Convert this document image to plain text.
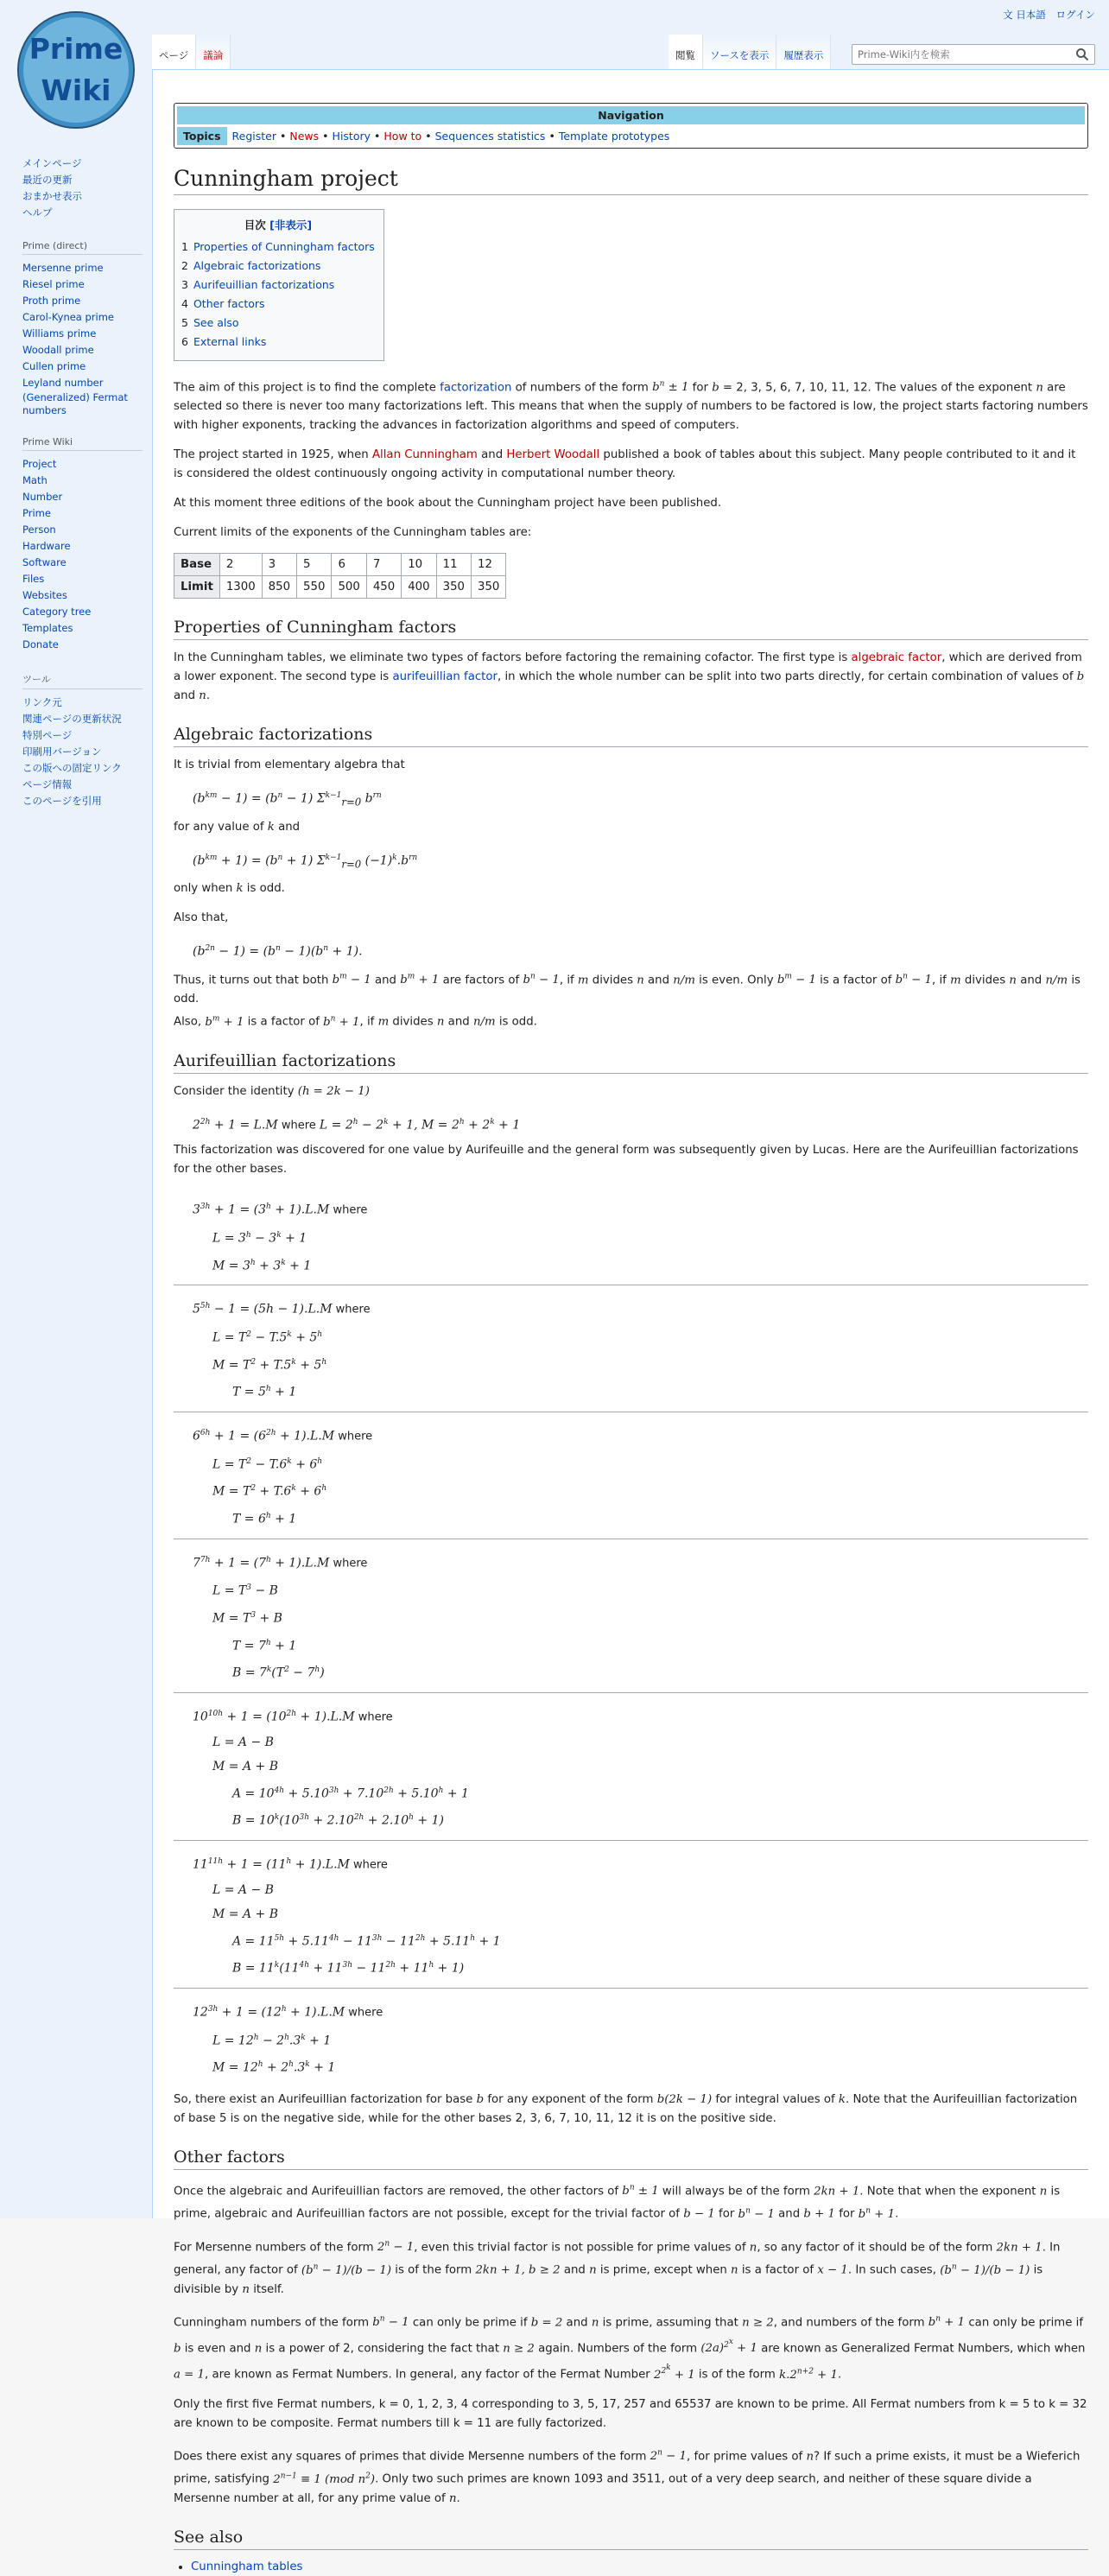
Prime
Wiki
文 日本語 ログイン
ページ	議論	閲覧	ソースを表示	履歴表示
Prime-Wiki内を検索
メインページ
最近の更新
おまかせ表示
ヘルプ
Prime (direct)
Mersenne prime
Riesel prime
Proth prime
Carol-Kynea prime
Williams prime
Woodall prime
Cullen prime
Leyland number
(Generalized) Fermat numbers
Prime Wiki
Project
Math
Number
Prime
Person
Hardware
Software
Files
Websites
Category tree
Templates
Donate
ツール
リンク元
関連ページの更新状況
特別ページ
印刷用バージョン
この版への固定リンク
ページ情報
このページを引用
Navigation
Topics	Register • News • History • How to • Sequences statistics • Template prototypes
Cunningham project
目次 [非表示]
1 Properties of Cunningham factors
2 Algebraic factorizations
3 Aurifeuillian factorizations
4 Other factors
5 See also
6 External links

The aim of this project is to find the complete factorization of numbers of the form $b^n \pm 1$ for b = 2, 3, 5, 6, 7, 10, 11, 12. The values of the exponent n are selected so there is never too many factorizations left. This means that when the supply of numbers to be factored is low, the project starts factoring numbers with higher exponents, tracking the advances in factorization algorithms and speed of computers.

The project started in 1925, when Allan Cunningham and Herbert Woodall published a book of tables about this subject. Many people contributed to it and it is considered the oldest continuously ongoing activity in computational number theory.

At this moment three editions of the book about the Cunningham project have been published.

Current limits of the exponents of the Cunningham tables are:

Base	2	3	5	6	7	10	11	12
Limit	1300	850	550	500	450	400	350	350
Properties of Cunningham factors

In the Cunningham tables, we eliminate two types of factors before factoring the remaining cofactor. The first type is algebraic factor, which are derived from a lower exponent. The second type is aurifeuillian factor, in which the whole number can be split into two parts directly, for certain combination of values of b and n.

Algebraic factorizations

It is trivial from elementary algebra that

$(b^{km} - 1) = (b^n - 1)$ $\Sigma^{k-1}_{r=0}$ $b^{rn}$

for any value of k and

$(b^{km} + 1) = (b^n + 1)$ $\Sigma^{k-1}_{r=0}$ $(-1)^k.b^{rn}$

only when k is odd.

Also that,

$(b^{2n} - 1) = (b^n - 1)(b^n + 1)$.

Thus, it turns out that both $b^m - 1$ and $b^m + 1$ are factors of $b^n - 1$, if m divides n and n/m is even. Only $b^m - 1$ is a factor of $b^n - 1$, if m divides n and n/m is odd.
Also, $b^m + 1$ is a factor of $b^n + 1$, if m divides n and n/m is odd.

Aurifeuillian factorizations

Consider the identity (h = 2k − 1)

$2^{2h} + 1 = L.M$ where $L = 2^h - 2^k + 1$, $M = 2^h + 2^k + 1$

This factorization was discovered for one value by Aurifeuille and the general form was subsequently given by Lucas. Here are the Aurifeuillian factorizations for the other bases.

$3^{3h} + 1 = (3^h + 1).L.M$ where
$L = 3^h - 3^k + 1$
$M = 3^h + 3^k + 1$
$5^{5h} - 1 = (5h - 1).L.M$ where
$L = T^2 - T.5^k + 5^h$
$M = T^2 + T.5^k + 5^h$
$T = 5^h + 1$
$6^{6h} + 1 = (6^{2h} + 1).L.M$ where
$L = T^2 - T.6^k + 6^h$
$M = T^2 + T.6^k + 6^h$
$T = 6^h + 1$
$7^{7h} + 1 = (7^h + 1).L.M$ where
$L = T^3 - B$
$M = T^3 + B$
$T = 7^h + 1$
$B = 7^k(T^2 - 7^h)$
$10^{10h} + 1 = (10^{2h} + 1).L.M$ where
L = A − B
M = A + B
$A = 10^{4h} + 5.10^{3h} + 7.10^{2h} + 5.10^h + 1$
$B = 10^k(10^{3h} + 2.10^{2h} + 2.10^h + 1)$
$11^{11h} + 1 = (11^h + 1).L.M$ where
L = A − B
M = A + B
$A = 11^{5h} + 5.11^{4h} - 11^{3h} - 11^{2h} + 5.11^h + 1$
$B = 11^k(11^{4h} + 11^{3h} - 11^{2h} + 11^h + 1)$
$12^{3h} + 1 = (12^h + 1).L.M$ where
$L = 12^h - 2^h.3^k + 1$
$M = 12^h + 2^h.3^k + 1$

So, there exist an Aurifeuillian factorization for base b for any exponent of the form b(2k − 1) for integral values of k. Note that the Aurifeuillian factorization of base 5 is on the negative side, while for the other bases 2, 3, 6, 7, 10, 11, 12 it is on the positive side.

Other factors

Once the algebraic and Aurifeuillian factors are removed, the other factors of $b^n \pm 1$ will always be of the form 2kn + 1. Note that when the exponent n is prime, algebraic and Aurifeuillian factors are not possible, except for the trivial factor of b − 1 for $b^n - 1$ and b + 1 for $b^n + 1$.

For Mersenne numbers of the form $2^n - 1$, even this trivial factor is not possible for prime values of n, so any factor of it should be of the form 2kn + 1. In general, any factor of $(b^n - 1)/(b - 1)$ is of the form 2kn + 1, b ≥ 2 and n is prime, except when n is a factor of x − 1. In such cases, $(b^n - 1)/(b - 1)$ is divisible by n itself.

Cunningham numbers of the form $b^n - 1$ can only be prime if b = 2 and n is prime, assuming that n ≥ 2, and numbers of the form $b^n + 1$ can only be prime if b is even and n is a power of 2, considering the fact that n ≥ 2 again. Numbers of the form $(2a)^{2x} + 1$ are known as Generalized Fermat Numbers, which when a = 1, are known as Fermat Numbers. In general, any factor of the Fermat Number $2^{2k} + 1$ is of the form $k.2^{n+2} + 1$.

Only the first five Fermat numbers, k = 0, 1, 2, 3, 4 corresponding to 3, 5, 17, 257 and 65537 are known to be prime. All Fermat numbers from k = 5 to k = 32 are known to be composite. Fermat numbers till k = 11 are fully factorized.

Does there exist any squares of primes that divide Mersenne numbers of the form $2^n - 1$, for prime values of n? If such a prime exists, it must be a Wieferich prime, satisfying $2^{n-1} \equiv 1$ (mod $n^2$). Only two such primes are known 1093 and 3511, out of a very deep search, and neither of these square divide a Mersenne number at all, for any prime value of n.

See also
• Cunningham tables
